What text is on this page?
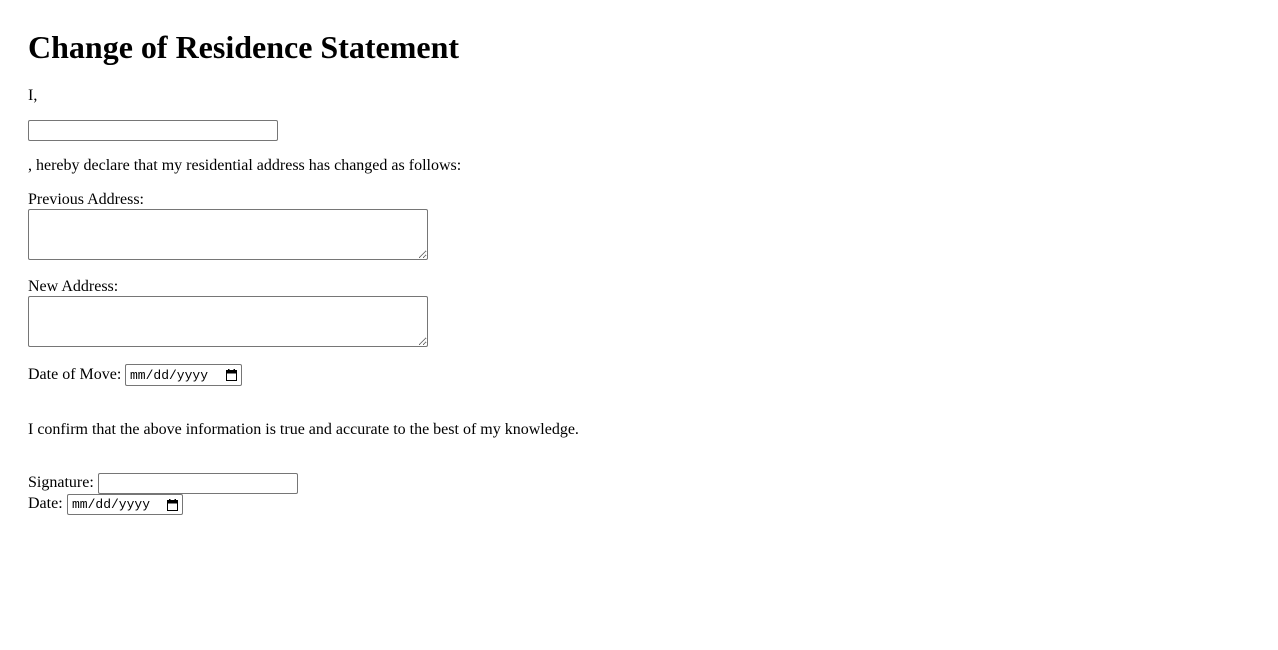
Change of Residence Statement
I,
, hereby declare that my residential address has changed as follows:
Previous Address:
New Address:
Date of Move: mm/dd/yyyy
I confirm that the above information is true and accurate to the best of my knowledge.
Signature:
Date: mm/dd/yyyy
